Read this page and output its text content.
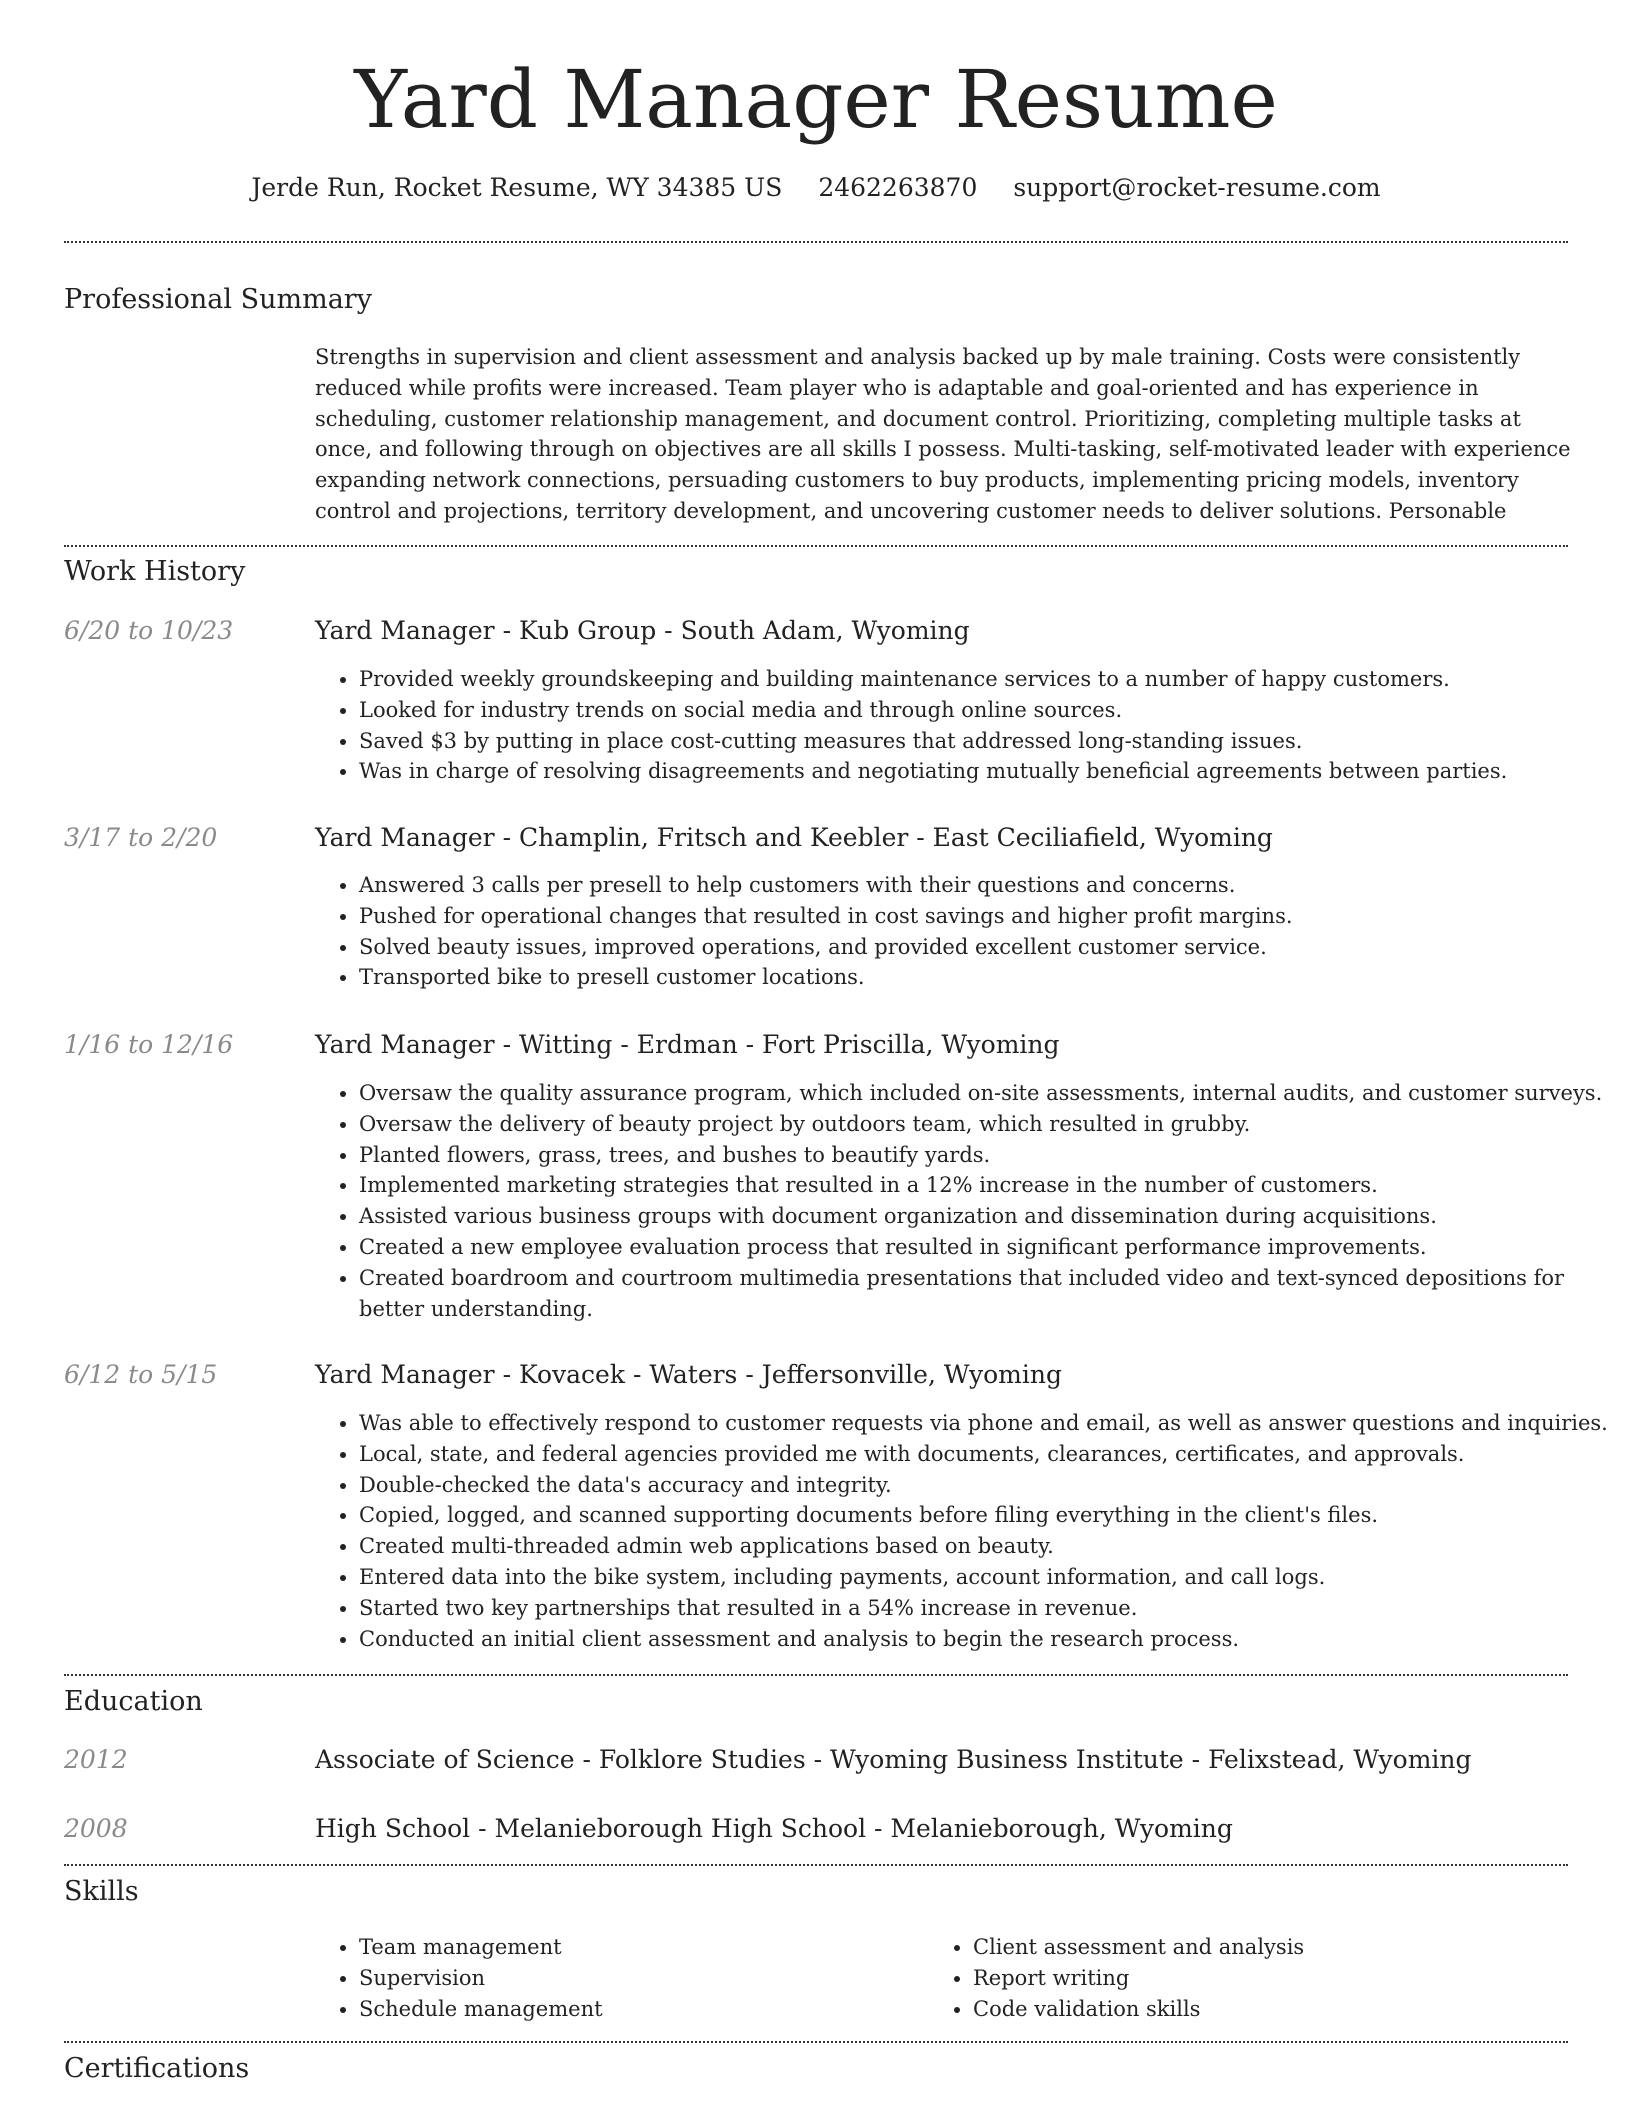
Yard Manager Resume
Jerde Run, Rocket Resume, WY 34385 US 2462263870 support@rocket-resume.com
Professional Summary

Strengths in supervision and client assessment and analysis backed up by male training. Costs were consistently reduced while profits were increased. Team player who is adaptable and goal-oriented and has experience in scheduling, customer relationship management, and document control. Prioritizing, completing multiple tasks at once, and following through on objectives are all skills I possess. Multi-tasking, self-motivated leader with experience expanding network connections, persuading customers to buy products, implementing pricing models, inventory control and projections, territory development, and uncovering customer needs to deliver solutions. Personable

Work History
6/20 to 10/23	Yard Manager - Kub Group - South Adam, Wyoming
• Provided weekly groundskeeping and building maintenance services to a number of happy customers.
• Looked for industry trends on social media and through online sources.
• Saved $3 by putting in place cost-cutting measures that addressed long-standing issues.
• Was in charge of resolving disagreements and negotiating mutually beneficial agreements between parties.
3/17 to 2/20	Yard Manager - Champlin, Fritsch and Keebler - East Ceciliafield, Wyoming
• Answered 3 calls per presell to help customers with their questions and concerns.
• Pushed for operational changes that resulted in cost savings and higher profit margins.
• Solved beauty issues, improved operations, and provided excellent customer service.
• Transported bike to presell customer locations.
1/16 to 12/16	Yard Manager - Witting - Erdman - Fort Priscilla, Wyoming
• Oversaw the quality assurance program, which included on-site assessments, internal audits, and customer surveys.
• Oversaw the delivery of beauty project by outdoors team, which resulted in grubby.
• Planted flowers, grass, trees, and bushes to beautify yards.
• Implemented marketing strategies that resulted in a 12% increase in the number of customers.
• Assisted various business groups with document organization and dissemination during acquisitions.
• Created a new employee evaluation process that resulted in significant performance improvements.
• Created boardroom and courtroom multimedia presentations that included video and text-synced depositions for better understanding.
6/12 to 5/15	Yard Manager - Kovacek - Waters - Jeffersonville, Wyoming
• Was able to effectively respond to customer requests via phone and email, as well as answer questions and inquiries.
• Local, state, and federal agencies provided me with documents, clearances, certificates, and approvals.
• Double-checked the data's accuracy and integrity.
• Copied, logged, and scanned supporting documents before filing everything in the client's files.
• Created multi-threaded admin web applications based on beauty.
• Entered data into the bike system, including payments, account information, and call logs.
• Started two key partnerships that resulted in a 54% increase in revenue.
• Conducted an initial client assessment and analysis to begin the research process.
Education
2012	Associate of Science - Folklore Studies - Wyoming Business Institute - Felixstead, Wyoming
2008	High School - Melanieborough High School - Melanieborough, Wyoming
Skills
• Team management
• Supervision
• Schedule management
• Client assessment and analysis
• Report writing
• Code validation skills
Certifications
